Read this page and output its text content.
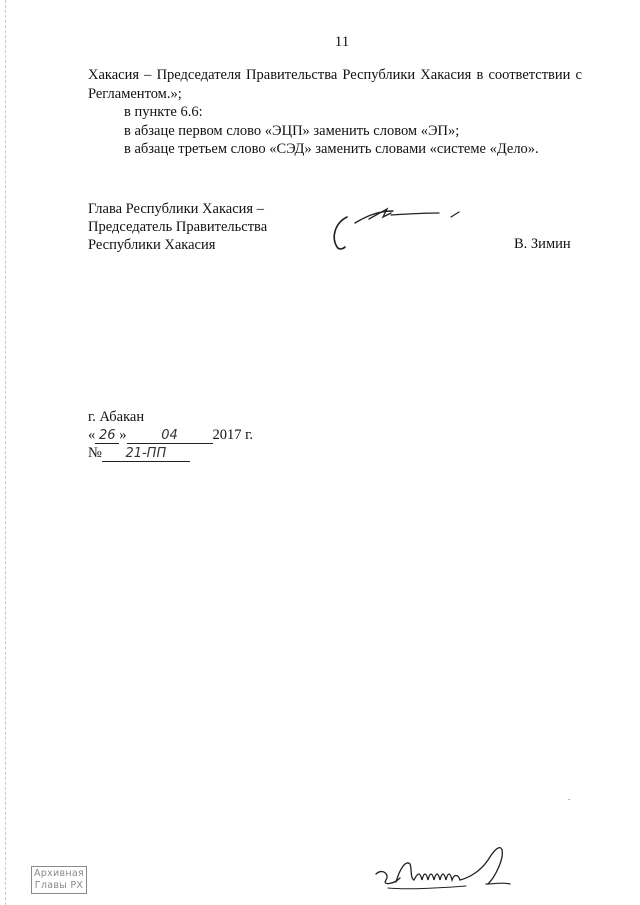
11
Хакасия – Председателя Правительства Республики Хакасия в соответствии с
Регламентом.»;
в пункте 6.6:
в абзаце первом слово «ЭЦП» заменить словом «ЭП»;
в абзаце третьем слово «СЭД» заменить словами «системе «Дело».
Глава Республики Хакасия –
Председатель Правительства
Республики Хакасия	В. Зимин
г. Абакан
« 26 »	04 2017 г.
№ 21-ПП
.
Архивная
Главы РХ
